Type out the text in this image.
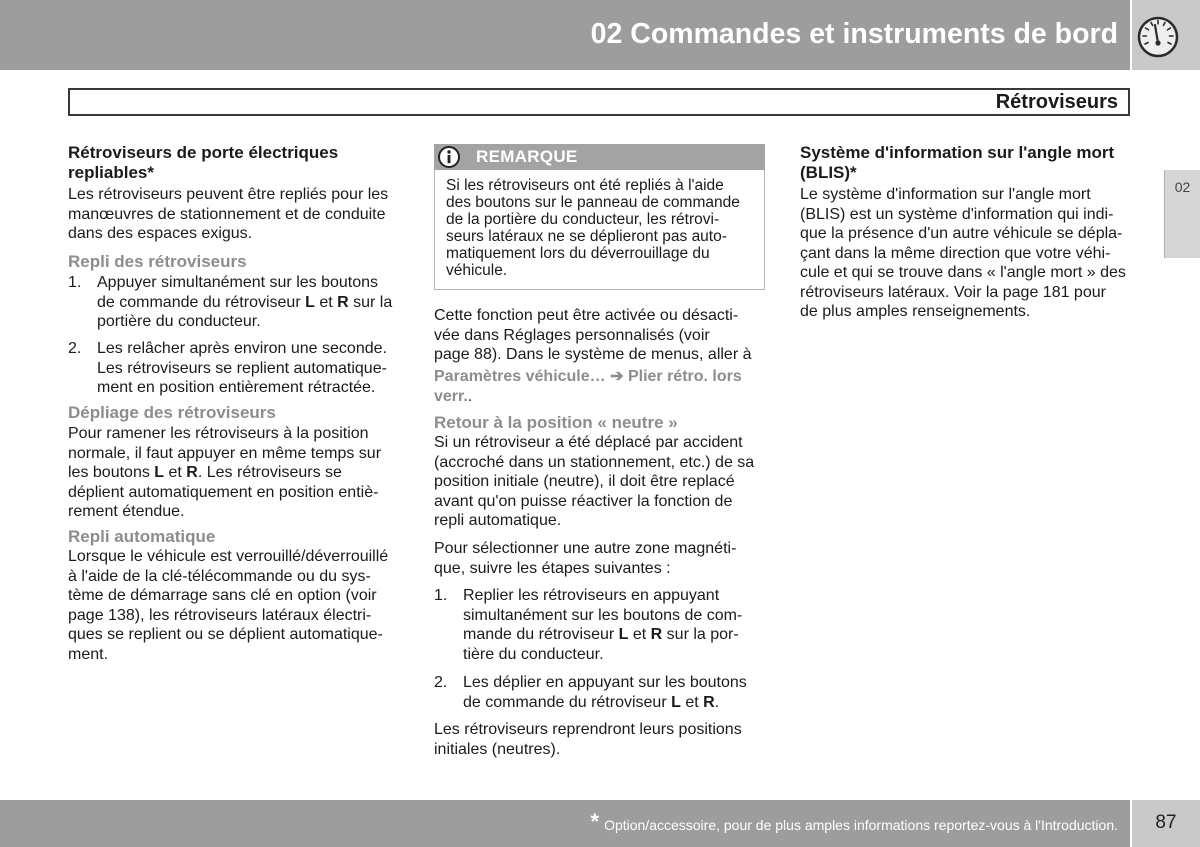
02 Commandes et instruments de bord
Rétroviseurs
02
Rétroviseurs de porte électriques
repliables*
Les rétroviseurs peuvent être repliés pour les
manœuvres de stationnement et de conduite
dans des espaces exigus.
Repli des rétroviseurs
1. Appuyer simultanément sur les boutons
de commande du rétroviseur L et R sur la
portière du conducteur.
2. Les relâcher après environ une seconde.
Les rétroviseurs se replient automatique-
ment en position entièrement rétractée.
Dépliage des rétroviseurs
Pour ramener les rétroviseurs à la position
normale, il faut appuyer en même temps sur
les boutons L et R. Les rétroviseurs se
déplient automatiquement en position entiè-
rement étendue.
Repli automatique
Lorsque le véhicule est verrouillé/déverrouillé
à l'aide de la clé-télécommande ou du sys-
tème de démarrage sans clé en option (voir
page 138), les rétroviseurs latéraux électri-
ques se replient ou se déplient automatique-
ment.
REMARQUE
Si les rétroviseurs ont été repliés à l'aide
des boutons sur le panneau de commande
de la portière du conducteur, les rétrovi-
seurs latéraux ne se déplieront pas auto-
matiquement lors du déverrouillage du
véhicule.
Cette fonction peut être activée ou désacti-
vée dans Réglages personnalisés (voir
page 88). Dans le système de menus, aller à
Paramètres véhicule… ➔ Plier rétro. lors
verr..
Retour à la position « neutre »
Si un rétroviseur a été déplacé par accident
(accroché dans un stationnement, etc.) de sa
position initiale (neutre), il doit être replacé
avant qu'on puisse réactiver la fonction de
repli automatique.
Pour sélectionner une autre zone magnéti-
que, suivre les étapes suivantes :
1. Replier les rétroviseurs en appuyant
simultanément sur les boutons de com-
mande du rétroviseur L et R sur la por-
tière du conducteur.
2. Les déplier en appuyant sur les boutons
de commande du rétroviseur L et R.
Les rétroviseurs reprendront leurs positions
initiales (neutres).
Système d'information sur l'angle mort
(BLIS)*
Le système d'information sur l'angle mort
(BLIS) est un système d'information qui indi-
que la présence d'un autre véhicule se dépla-
çant dans la même direction que votre véhi-
cule et qui se trouve dans « l'angle mort » des
rétroviseurs latéraux. Voir la page 181 pour
de plus amples renseignements.
* Option/accessoire, pour de plus amples informations reportez-vous à l'Introduction.	87
